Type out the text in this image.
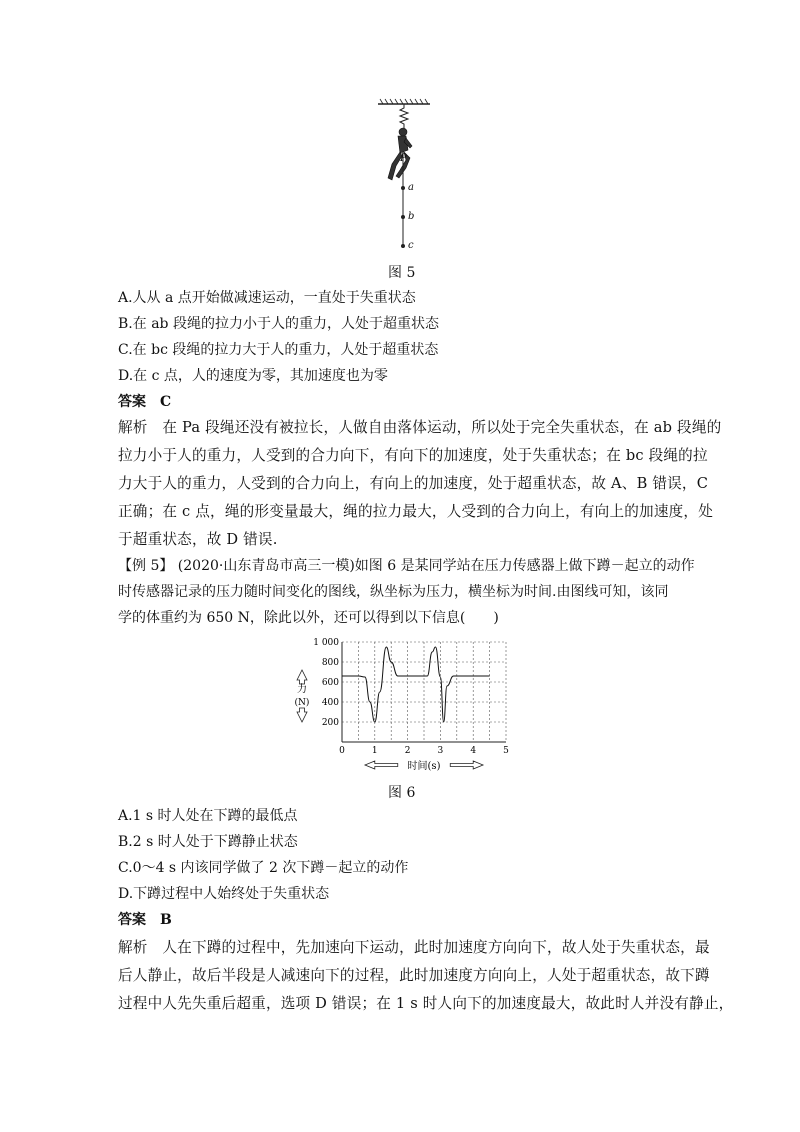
P
a
b
c
图 5
A.人从 a 点开始做减速运动，一直处于失重状态
B.在 ab 段绳的拉力小于人的重力，人处于超重状态
C.在 bc 段绳的拉力大于人的重力，人处于超重状态
D.在 c 点，人的速度为零，其加速度也为零
答案　C
解析　在 Pa 段绳还没有被拉长，人做自由落体运动，所以处于完全失重状态，在 ab 段绳的
拉力小于人的重力，人受到的合力向下，有向下的加速度，处于失重状态；在 bc 段绳的拉
力大于人的重力，人受到的合力向上，有向上的加速度，处于超重状态，故 A、B 错误，C
正确；在 c 点，绳的形变量最大，绳的拉力最大，人受到的合力向上，有向上的加速度，处
于超重状态，故 D 错误.
【例 5】 (2020·山东青岛市高三一模)如图 6 是某同学站在压力传感器上做下蹲－起立的动作
时传感器记录的压力随时间变化的图线，纵坐标为压力，横坐标为时间.由图线可知，该同
学的体重约为 650 N，除此以外，还可以得到以下信息(　　)
1 000
800
600
400
200
0	1	2	3	4	5
力
(N)
时间(s)
图 6
A.1 s 时人处在下蹲的最低点
B.2 s 时人处于下蹲静止状态
C.0～4 s 内该同学做了 2 次下蹲－起立的动作
D.下蹲过程中人始终处于失重状态
答案　B
解析　人在下蹲的过程中，先加速向下运动，此时加速度方向向下，故人处于失重状态，最
后人静止，故后半段是人减速向下的过程，此时加速度方向向上，人处于超重状态，故下蹲
过程中人先失重后超重，选项 D 错误；在 1 s 时人向下的加速度最大，故此时人并没有静止，
